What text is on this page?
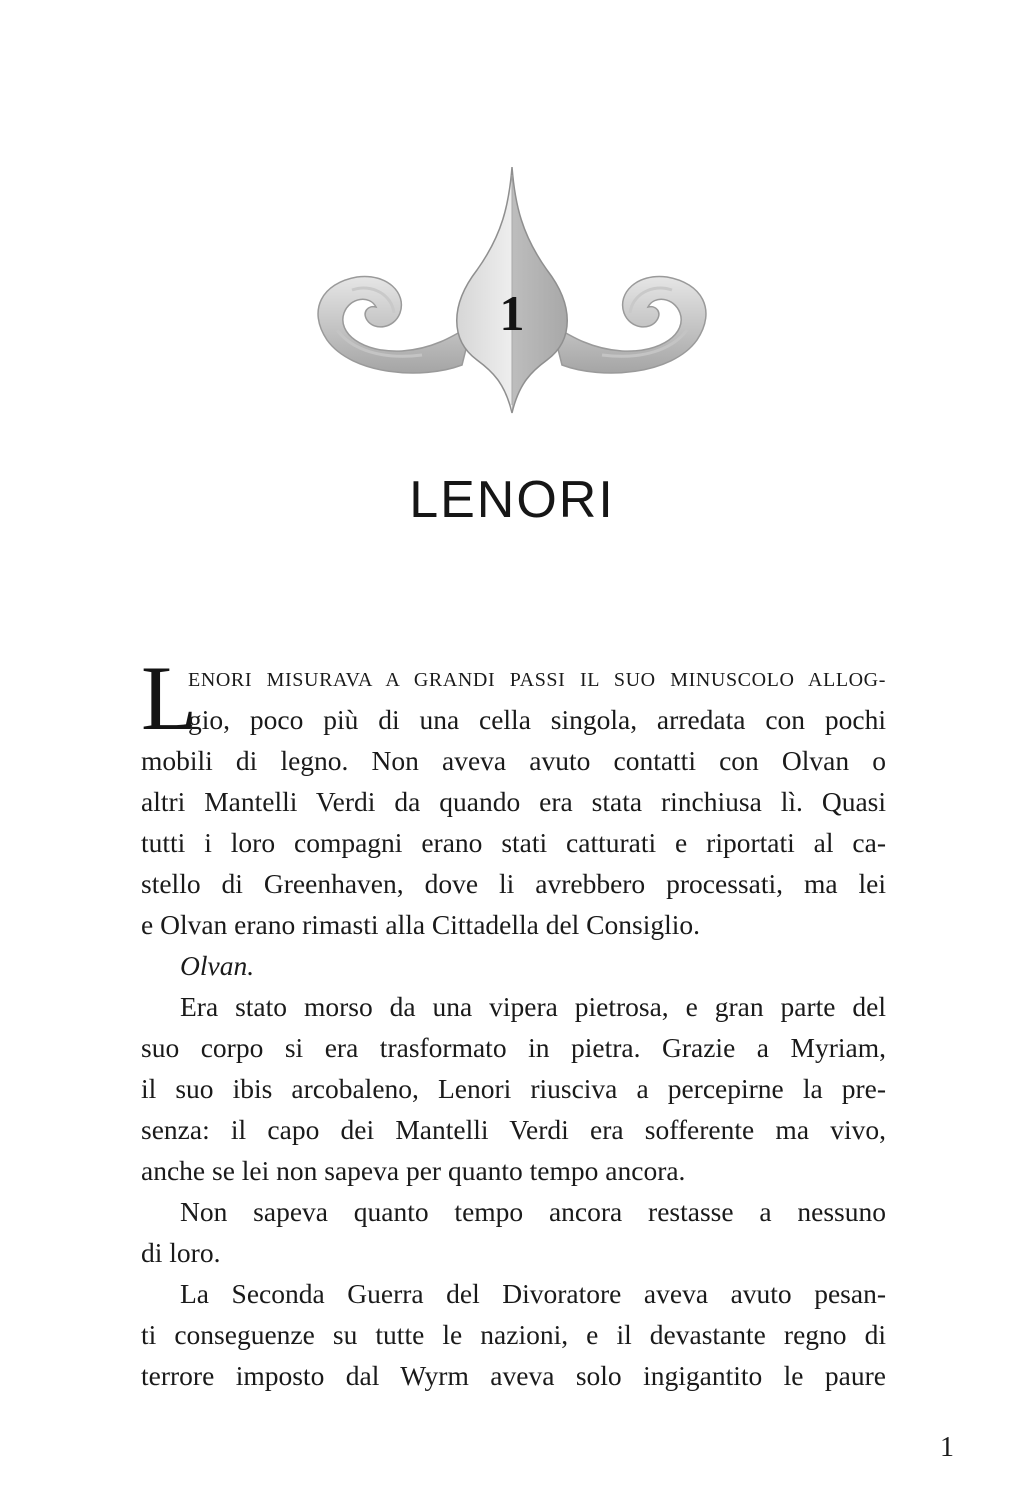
1
LENORI
L
ENORI MISURAVA A GRANDI PASSI IL SUO MINUSCOLO ALLOG-
gio, poco più di una cella singola, arredata con pochi
mobili di legno. Non aveva avuto contatti con Olvan o
altri Mantelli Verdi da quando era stata rinchiusa lì. Quasi
tutti i loro compagni erano stati catturati e riportati al ca-
stello di Greenhaven, dove li avrebbero processati, ma lei
e Olvan erano rimasti alla Cittadella del Consiglio.
Olvan.
Era stato morso da una vipera pietrosa, e gran parte del
suo corpo si era trasformato in pietra. Grazie a Myriam,
il suo ibis arcobaleno, Lenori riusciva a percepirne la pre-
senza: il capo dei Mantelli Verdi era sofferente ma vivo,
anche se lei non sapeva per quanto tempo ancora.
Non sapeva quanto tempo ancora restasse a nessuno
di loro.
La Seconda Guerra del Divoratore aveva avuto pesan-
ti conseguenze su tutte le nazioni, e il devastante regno di
terrore imposto dal Wyrm aveva solo ingigantito le paure
1
